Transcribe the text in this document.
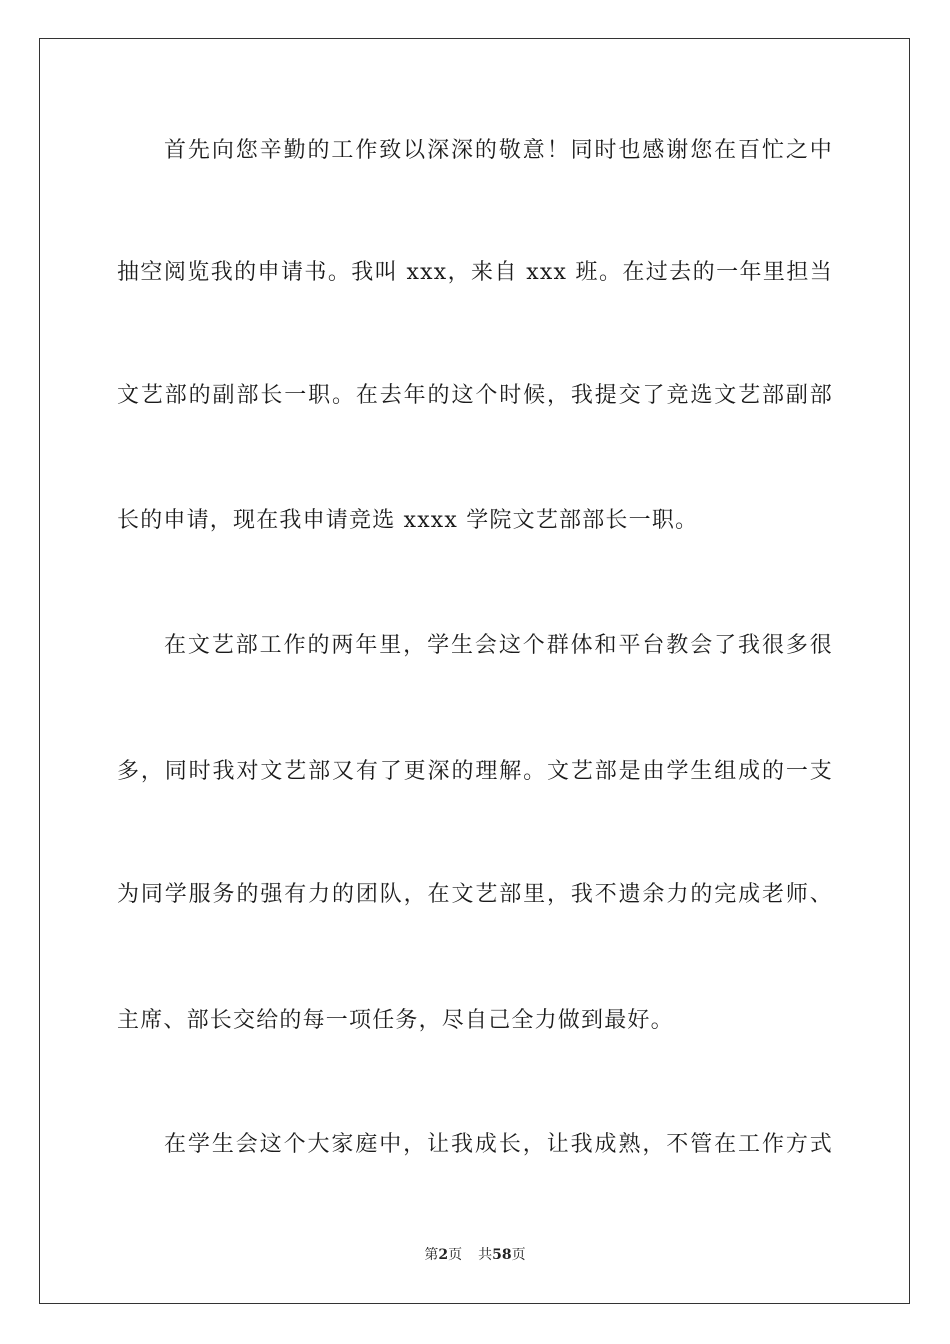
首先向您辛勤的工作致以深深的敬意！同时也感谢您在百忙之中
抽空阅览我的申请书。我叫 xxx，来自 xxx 班。在过去的一年里担当
文艺部的副部长一职。在去年的这个时候，我提交了竞选文艺部副部
长的申请，现在我申请竞选 xxxx 学院文艺部部长一职。
在文艺部工作的两年里，学生会这个群体和平台教会了我很多很
多，同时我对文艺部又有了更深的理解。文艺部是由学生组成的一支
为同学服务的强有力的团队，在文艺部里，我不遗余力的完成老师、
主席、部长交给的每一项任务，尽自己全力做到最好。
在学生会这个大家庭中，让我成长，让我成熟，不管在工作方式
第2页 共58页
